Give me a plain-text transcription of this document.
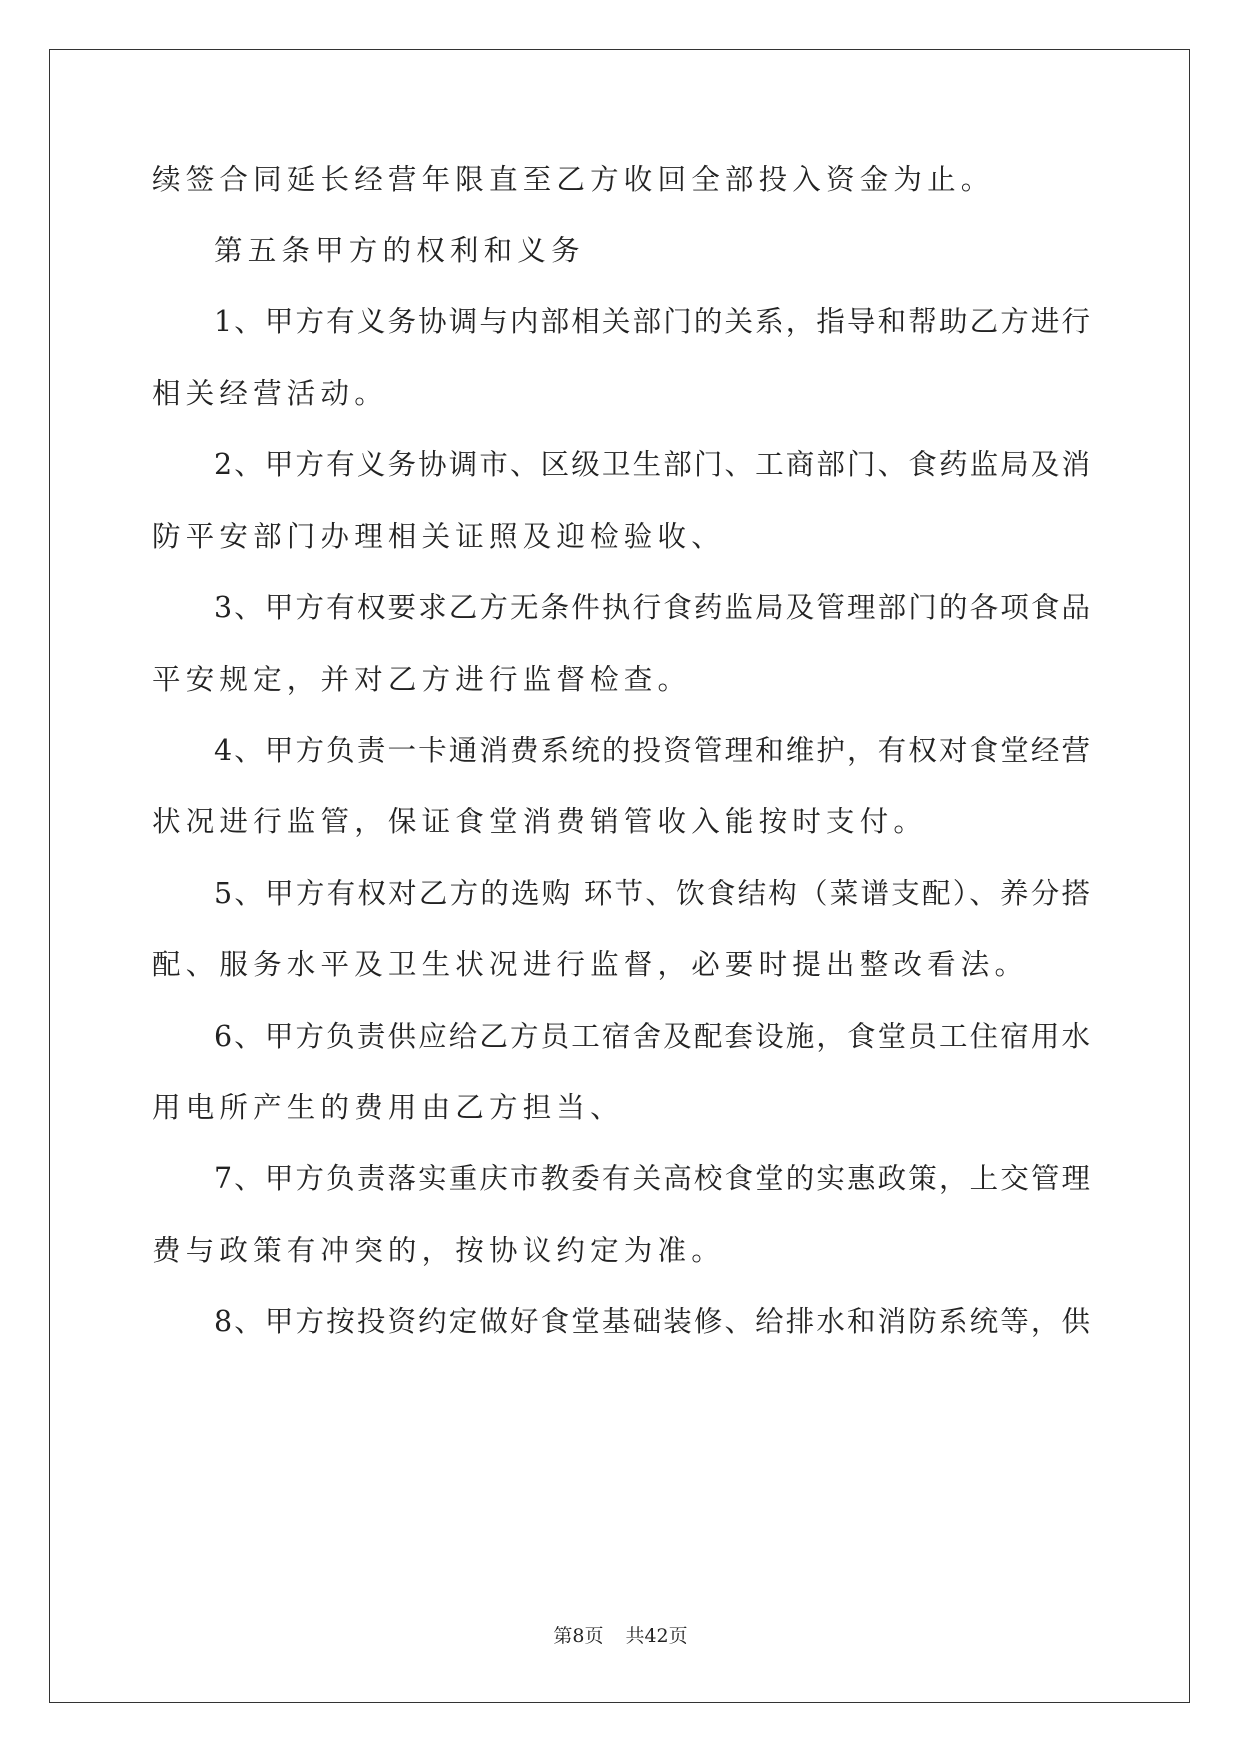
续签合同延长经营年限直至乙方收回全部投入资金为止。
第五条甲方的权利和义务
1、甲方有义务协调与内部相关部门的关系，指导和帮助乙方进行
相关经营活动。
2、甲方有义务协调市、区级卫生部门、工商部门、食药监局及消
防平安部门办理相关证照及迎检验收、
3、甲方有权要求乙方无条件执行食药监局及管理部门的各项食品
平安规定，并对乙方进行监督检查。
4、甲方负责一卡通消费系统的投资管理和维护，有权对食堂经营
状况进行监管，保证食堂消费销管收入能按时支付。
5、甲方有权对乙方的选购 环节、饮食结构（菜谱支配）、养分搭
配、服务水平及卫生状况进行监督，必要时提出整改看法。
6、甲方负责供应给乙方员工宿舍及配套设施，食堂员工住宿用水
用电所产生的费用由乙方担当、
7、甲方负责落实重庆市教委有关高校食堂的实惠政策，上交管理
费与政策有冲突的，按协议约定为准。
8、甲方按投资约定做好食堂基础装修、给排水和消防系统等，供
第8页 共42页
